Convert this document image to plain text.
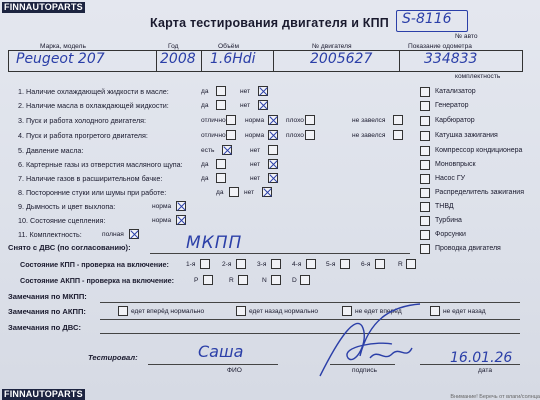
FINNAUTOPARTS
FINNAUTOPARTS
Карта тестирования двигателя и КПП S-8116
№ авто
Марка, модель	Год	Объём	№ двигателя	Показание одометра
Peugeot 207	2008 1.6Hdi	2005627	334833
комплектность
1. Наличие охлаждающей жидкости в масле:	да	нет
2. Наличие масла в охлаждающей жидкости:	да	нет
3. Пуск и работа холодного двигателя:	отлично	норма	плохо	не завелся
4. Пуск и работа прогретого двигателя:	отлично	норма	плохо	не завелся
5. Давление масла:	есть	нет
6. Картерные газы из отверстия масляного щупа:	да	нет
7. Наличие газов в расширительном бачке:	да	нет
8. Посторонние стуки или шумы при работе:	да	нет
9. Дымность и цвет выхлопа:	норма
10. Состояние сцепления:	норма
11. Комплектность:	полная
Катализатор
Генератор
Карбюратор
Катушка зажигания
Компрессор кондиционера
Моновпрыск
Насос ГУ
Распределитель зажигания
ТНВД
Турбина
Форсунки
Проводка двигателя
Снято с ДВС (по согласованию):	МКПП
Состояние КПП - проверка на включение:	1-я	2-я	3-я	4-я	5-я	6-я	R
Состояние АКПП - проверка на включение:	P	R	N	D
Замечания по МКПП:
Замечания по АКПП:	едет вперёд нормально	едет назад нормально	не едет вперёд	не едет назад
Замечания по ДВС:
Тестировал:	Саша
ФИО	подпись
16.01.26
дата
Внимание! Беречь от влаги/солнца
